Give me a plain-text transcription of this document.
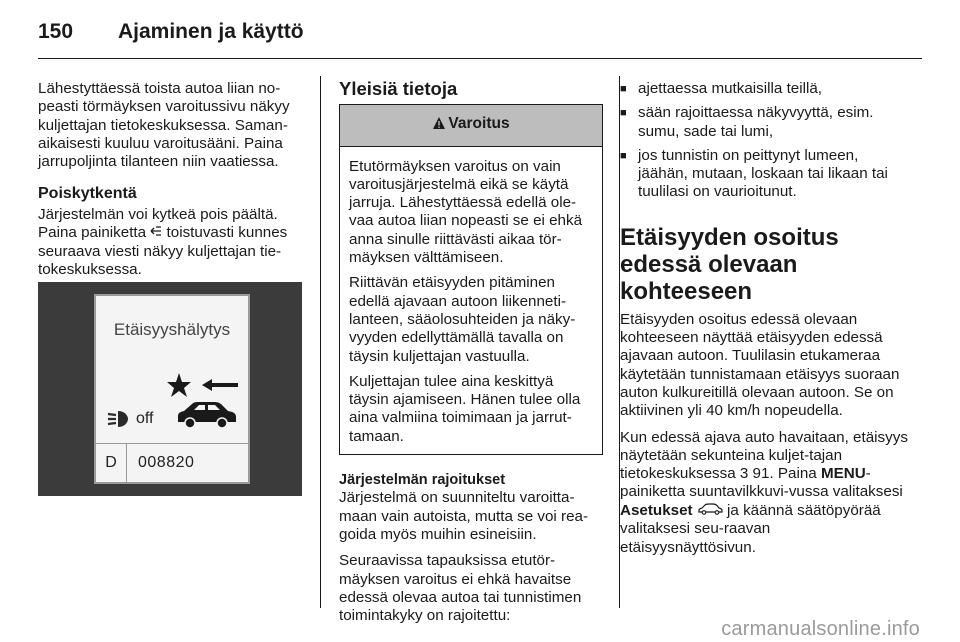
150 Ajaminen ja käyttö

Lähestyttäessä toista autoa liian no-peasti törmäyksen varoitussivu näkyy kuljettajan tietokeskuksessa. Saman-aikaisesti kuuluu varoitusääni. Paina jarrupoljinta tilanteen niin vaatiessa.

Poiskytkentä

Järjestelmän voi kytkeä pois päältä. Paina painiketta  toistuvasti kunnes seuraava viesti näkyy kuljettajan tie-tokeskuksessa.

Etäisyyshälytys
off
D	008820
Yleisiä tietoja
Varoitus

Etutörmäyksen varoitus on vain varoitusjärjestelmä eikä se käytä jarruja. Lähestyttäessä edellä ole-vaa autoa liian nopeasti se ei ehkä anna sinulle riittävästi aikaa tör-mäyksen välttämiseen.

Riittävän etäisyyden pitäminen edellä ajavaan autoon liikenneti-lanteen, sääolosuhteiden ja näky-vyyden edellyttämällä tavalla on täysin kuljettajan vastuulla.

Kuljettajan tulee aina keskittyä täysin ajamiseen. Hänen tulee olla aina valmiina toimimaan ja jarrut-tamaan.

Järjestelmän rajoitukset

Järjestelmä on suunniteltu varoitta-maan vain autoista, mutta se voi rea-goida myös muihin esineisiin.

Seuraavissa tapauksissa etutör-mäyksen varoitus ei ehkä havaitse edessä olevaa autoa tai tunnistimen toimintakyky on rajoitettu:

■ ajettaessa mutkaisilla teillä,
■ sään rajoittaessa näkyvyyttä, esim. sumu, sade tai lumi,
■ jos tunnistin on peittynyt lumeen, jäähän, mutaan, loskaan tai likaan tai tuulilasi on vaurioitunut.
Etäisyyden osoitus edessä olevaan kohteeseen

Etäisyyden osoitus edessä olevaan kohteeseen näyttää etäisyyden edessä ajavaan autoon. Tuulilasin etukameraa käytetään tunnistamaan etäisyys suoraan auton kulkureitillä olevaan autoon. Se on aktiivinen yli 40 km/h nopeudella.

Kun edessä ajava auto havaitaan, etäisyys näytetään sekunteina kuljet-tajan tietokeskuksessa 3 91. Paina MENU-painiketta suuntavilkkuvi-vussa valitaksesi Asetukset  ja käännä säätöpyörää valitaksesi seu-raavan etäisyysnäyttösivun.

carmanualsonline.info
